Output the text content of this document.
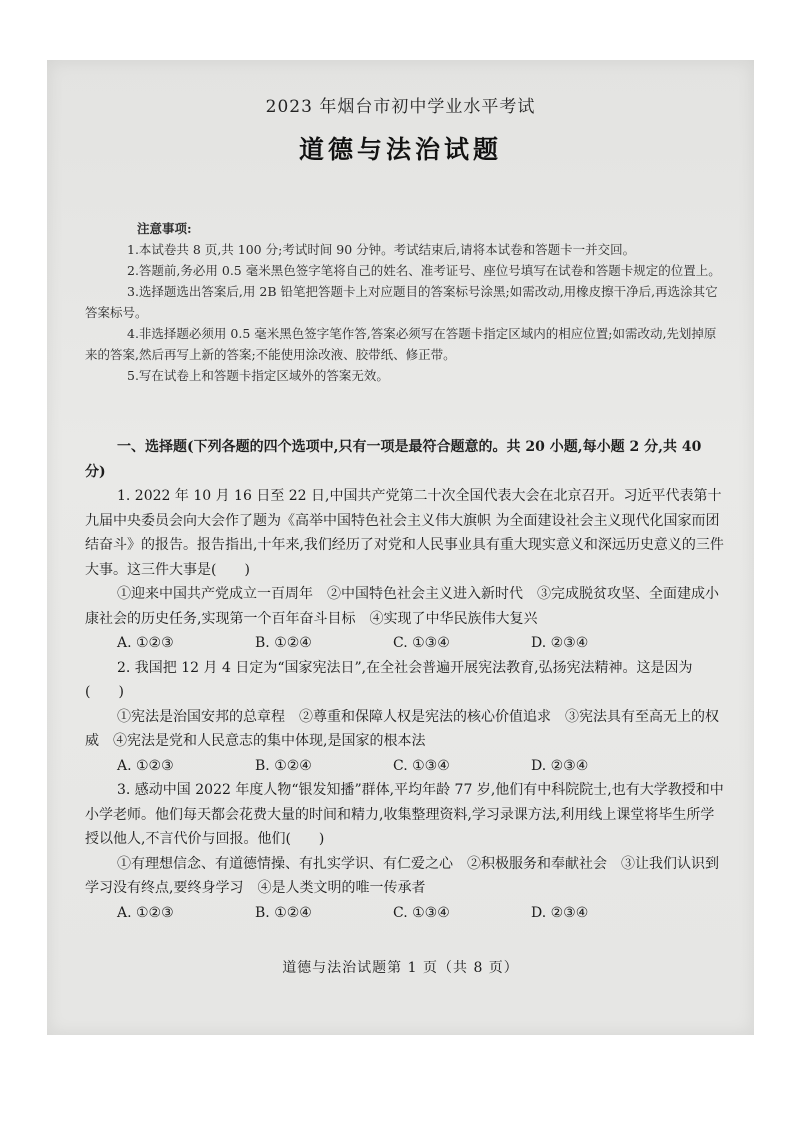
2023 年烟台市初中学业水平考试
道德与法治试题
注意事项:

1.本试卷共 8 页,共 100 分;考试时间 90 分钟。考试结束后,请将本试卷和答题卡一并交回。

2.答题前,务必用 0.5 毫米黑色签字笔将自己的姓名、准考证号、座位号填写在试卷和答题卡规定的位置上。

3.选择题选出答案后,用 2B 铅笔把答题卡上对应题目的答案标号涂黑;如需改动,用橡皮擦干净后,再选涂其它答案标号。

4.非选择题必须用 0.5 毫米黑色签字笔作答,答案必须写在答题卡指定区域内的相应位置;如需改动,先划掉原来的答案,然后再写上新的答案;不能使用涂改液、胶带纸、修正带。

5.写在试卷上和答题卡指定区域外的答案无效。

一、选择题(下列各题的四个选项中,只有一项是最符合题意的。共 20 小题,每小题 2 分,共 40 分)

1. 2022 年 10 月 16 日至 22 日,中国共产党第二十次全国代表大会在北京召开。习近平代表第十九届中央委员会向大会作了题为《高举中国特色社会主义伟大旗帜 为全面建设社会主义现代化国家而团结奋斗》的报告。报告指出,十年来,我们经历了对党和人民事业具有重大现实意义和深远历史意义的三件大事。这三件大事是(　　)

①迎来中国共产党成立一百周年　②中国特色社会主义进入新时代　③完成脱贫攻坚、全面建成小康社会的历史任务,实现第一个百年奋斗目标　④实现了中华民族伟大复兴

A. ①②③	B. ①②④	C. ①③④	D. ②③④

2. 我国把 12 月 4 日定为“国家宪法日”,在全社会普遍开展宪法教育,弘扬宪法精神。这是因为(　　)

①宪法是治国安邦的总章程　②尊重和保障人权是宪法的核心价值追求　③宪法具有至高无上的权威　④宪法是党和人民意志的集中体现,是国家的根本法

A. ①②③	B. ①②④	C. ①③④	D. ②③④

3. 感动中国 2022 年度人物“银发知播”群体,平均年龄 77 岁,他们有中科院院士,也有大学教授和中小学老师。他们每天都会花费大量的时间和精力,收集整理资料,学习录课方法,利用线上课堂将毕生所学授以他人,不言代价与回报。他们(　　)

①有理想信念、有道德情操、有扎实学识、有仁爱之心　②积极服务和奉献社会　③让我们认识到学习没有终点,要终身学习　④是人类文明的唯一传承者

A. ①②③	B. ①②④	C. ①③④	D. ②③④
道德与法治试题第 1 页（共 8 页）
